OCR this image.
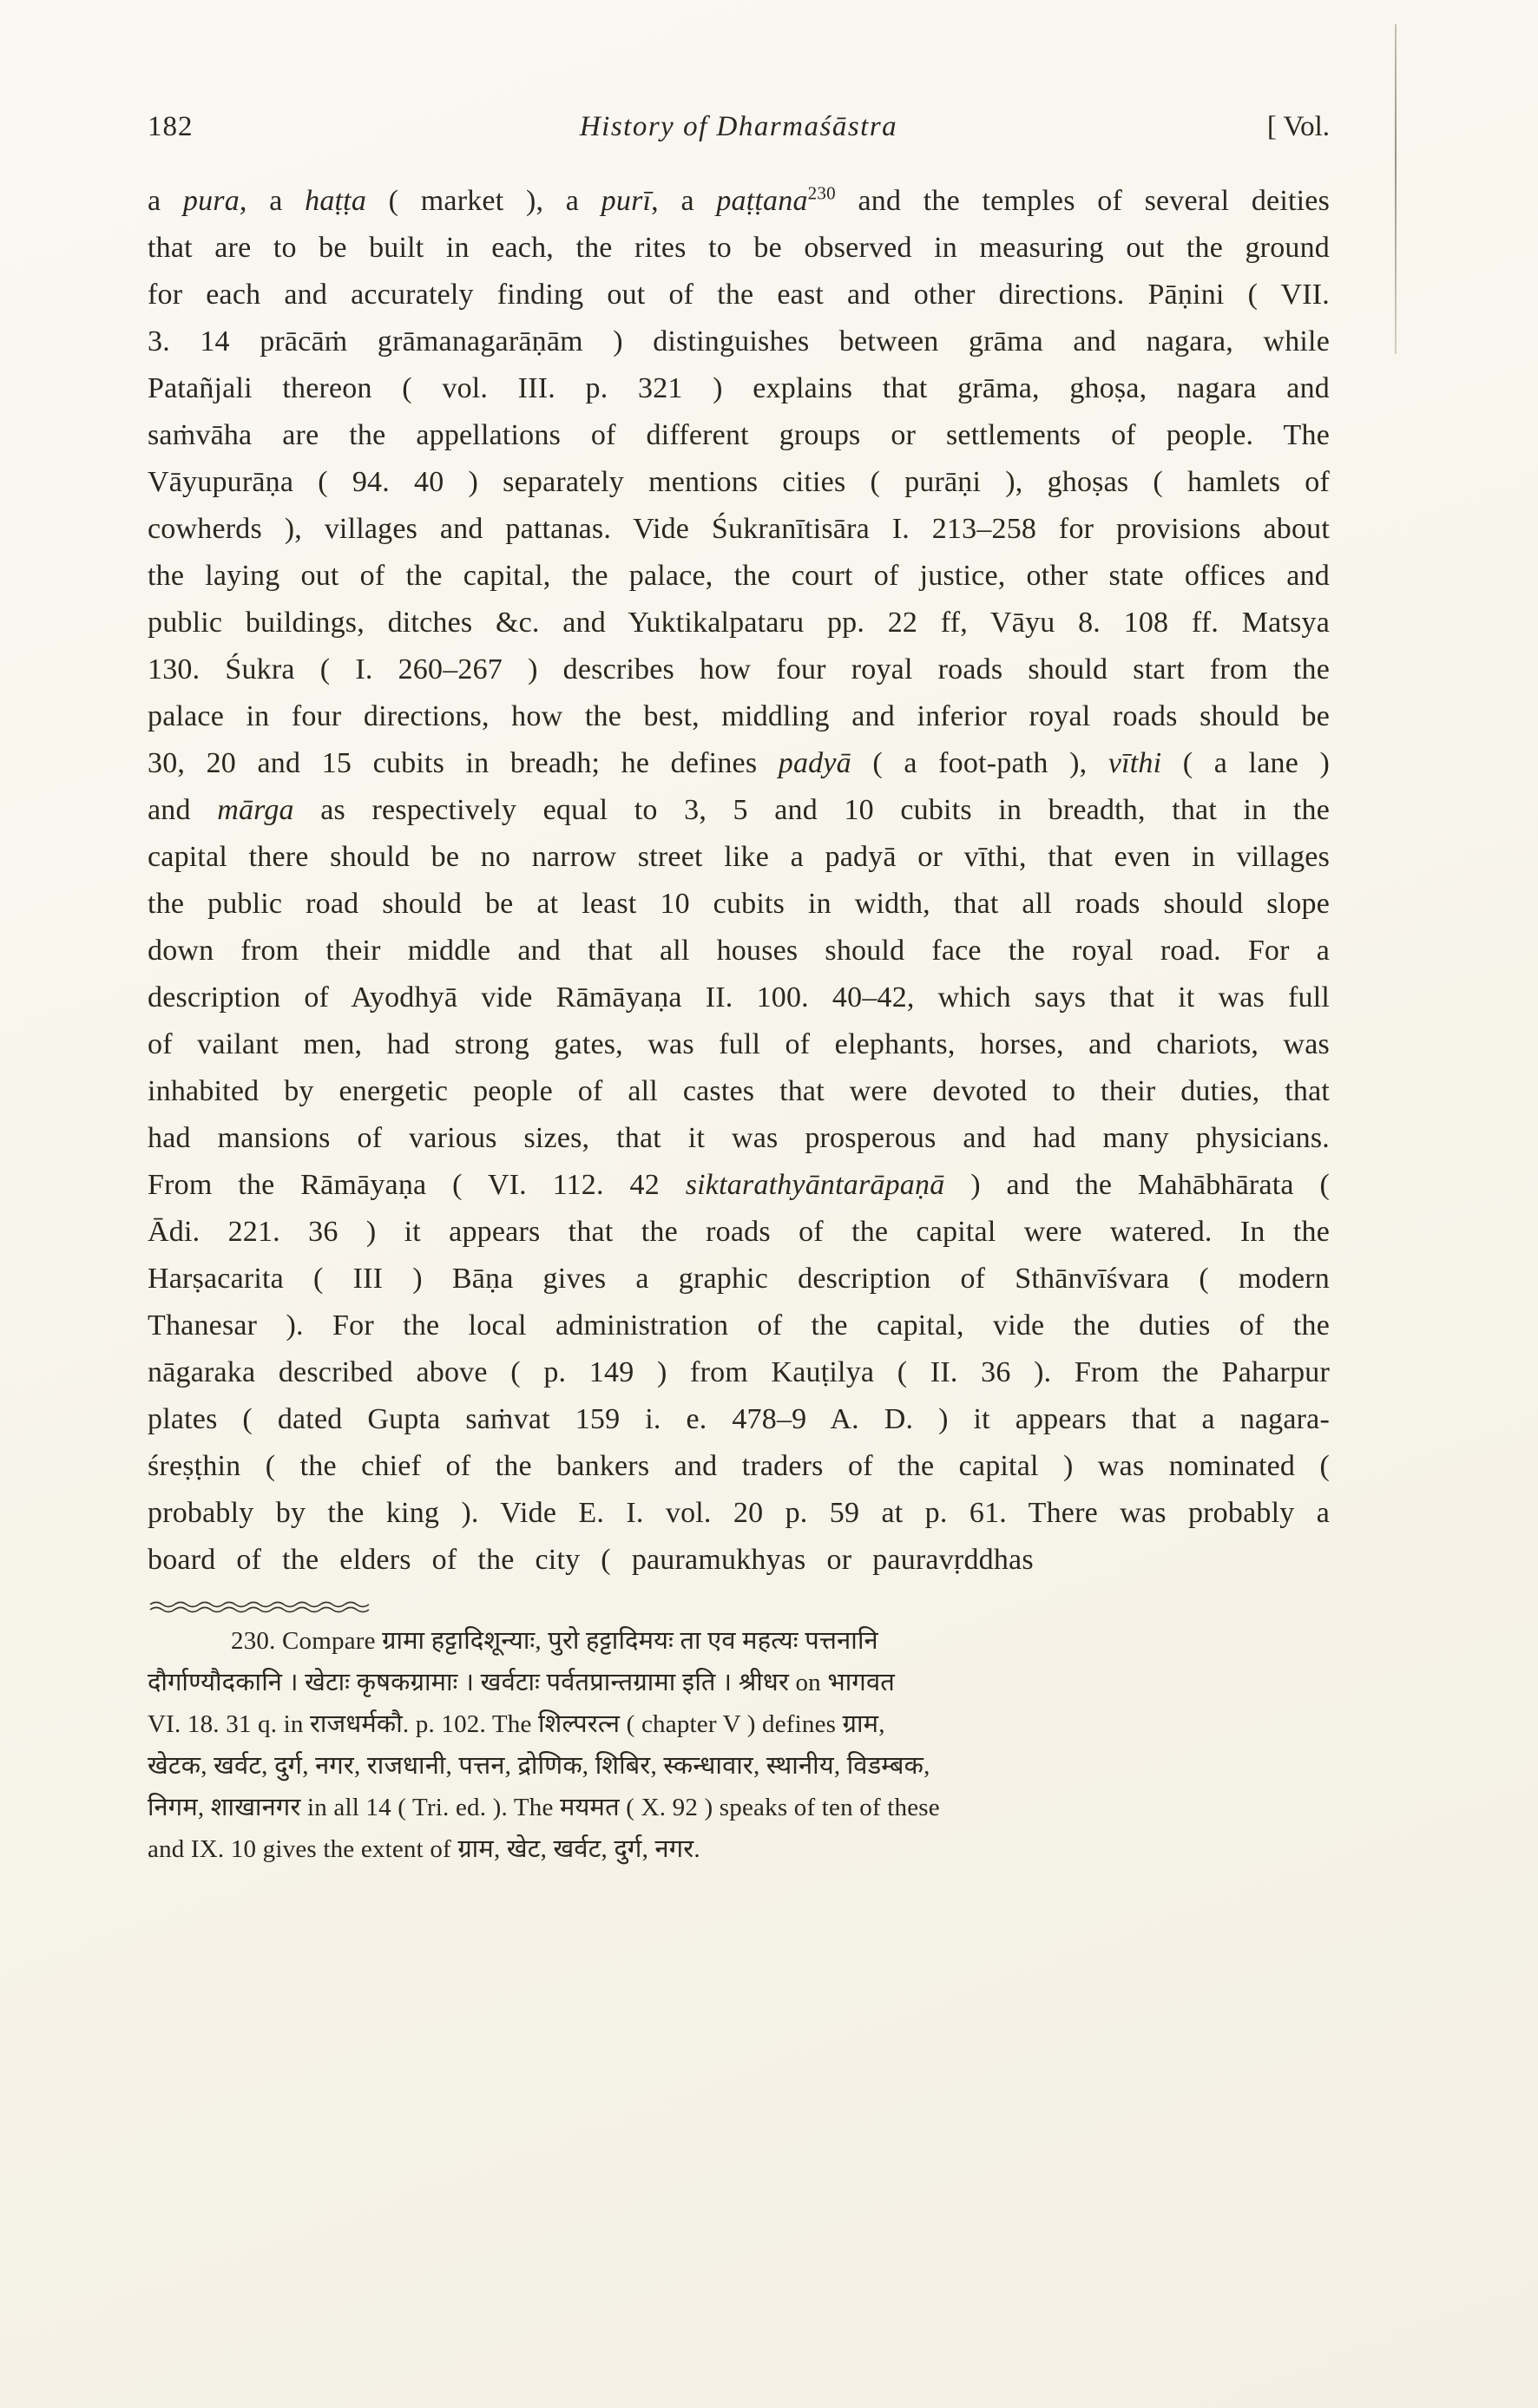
182	History of Dharmaśāstra	[ Vol.

a pura, a haṭṭa ( market ), a purī, a paṭṭana$^{230}$ and the temples of several deities that are to be built in each, the rites to be observed in measuring out the ground for each and accurately finding out of the east and other directions. Pāṇini ( VII. 3. 14 prācāṁ grāmanagarāṇām ) distinguishes between grāma and nagara, while Patañjali thereon ( vol. III. p. 321 ) explains that grāma, ghoṣa, nagara and saṁvāha are the appellations of different groups or settlements of people. The Vāyupurāṇa ( 94. 40 ) separately mentions cities ( purāṇi ), ghoṣas ( hamlets of cowherds ), villages and pattanas. Vide Śukranītisāra I. 213–258 for provisions about the laying out of the capital, the palace, the court of justice, other state offices and public buildings, ditches &c. and Yuktikalpataru pp. 22 ff, Vāyu 8. 108 ff. Matsya 130. Śukra ( I. 260–267 ) describes how four royal roads should start from the palace in four directions, how the best, middling and inferior royal roads should be 30, 20 and 15 cubits in breadh; he defines padyā ( a foot-path ), vīthi ( a lane ) and mārga as respectively equal to 3, 5 and 10 cubits in breadth, that in the capital there should be no narrow street like a padyā or vīthi, that even in villages the public road should be at least 10 cubits in width, that all roads should slope down from their middle and that all houses should face the royal road. For a description of Ayodhyā vide Rāmāyaṇa II. 100. 40–42, which says that it was full of vailant men, had strong gates, was full of elephants, horses, and chariots, was inhabited by energetic people of all castes that were devoted to their duties, that had mansions of various sizes, that it was prosperous and had many physicians. From the Rāmāyaṇa ( VI. 112. 42 siktarathyāntarāpaṇā ) and the Mahābhārata ( Ādi. 221. 36 ) it appears that the roads of the capital were watered. In the Harṣacarita ( III ) Bāṇa gives a graphic description of Sthānvīśvara ( modern Thanesar ). For the local administration of the capital, vide the duties of the nāgaraka described above ( p. 149 ) from Kauṭilya ( II. 36 ). From the Paharpur plates ( dated Gupta saṁvat 159 i. e. 478–9 A. D. ) it appears that a nagara-śreṣṭhin ( the chief of the bankers and traders of the capital ) was nominated ( probably by the king ). Vide E. I. vol. 20 p. 59 at p. 61. There was probably a board of the elders of the city ( pauramukhyas or pauravṛddhas

230. Compare ग्रामा हट्टादिशून्याः, पुरो हट्टादिमयः ता एव महत्यः पत्तनानि
दौर्गाण्यौदकानि । खेटाः कृषकग्रामाः । खर्वटाः पर्वतप्रान्तग्रामा इति । श्रीधर on भागवत
VI. 18. 31 q. in राजधर्मकौ. p. 102. The शिल्परत्न ( chapter V ) defines ग्राम,
खेटक, खर्वट, दुर्ग, नगर, राजधानी, पत्तन, द्रोणिक, शिबिर, स्कन्धावार, स्थानीय, विडम्बक,
निगम, शाखानगर in all 14 ( Tri. ed. ). The मयमत ( X. 92 ) speaks of ten of these
and IX. 10 gives the extent of ग्राम, खेट, खर्वट, दुर्ग, नगर.
